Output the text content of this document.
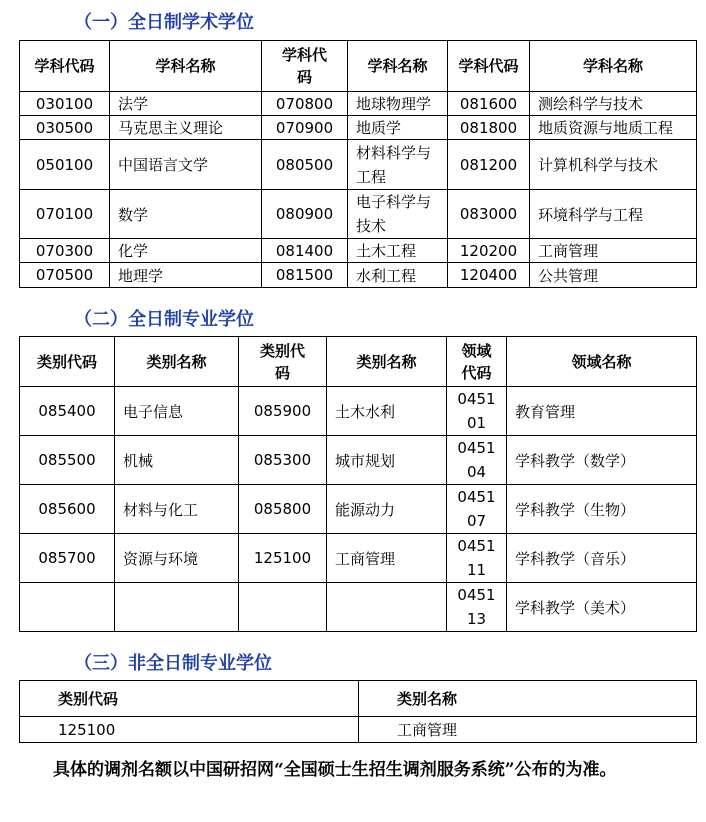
（一）全日制学术学位
学科代码	学科名称	学科代码	学科名称	学科代码	学科名称
030100	法学	070800	地球物理学	081600	测绘科学与技术
030500	马克思主义理论	070900	地质学	081800	地质资源与地质工程
050100	中国语言文学	080500	材料科学与工程	081200	计算机科学与技术
070100	数学	080900	电子科学与技术	083000	环境科学与工程
070300	化学	081400	土木工程	120200	工商管理
070500	地理学	081500	水利工程	120400	公共管理
（二）全日制专业学位
类别代码	类别名称	类别代码	类别名称	领域代码	领域名称
085400	电子信息	085900	土木水利	045101	教育管理
085500	机械	085300	城市规划	045104	学科教学（数学）
085600	材料与化工	085800	能源动力	045107	学科教学（生物）
085700	资源与环境	125100	工商管理	045111	学科教学（音乐）
				045113	学科教学（美术）
（三）非全日制专业学位
类别代码	类别名称
125100	工商管理

具体的调剂名额以中国研招网“全国硕士生招生调剂服务系统”公布的为准。
